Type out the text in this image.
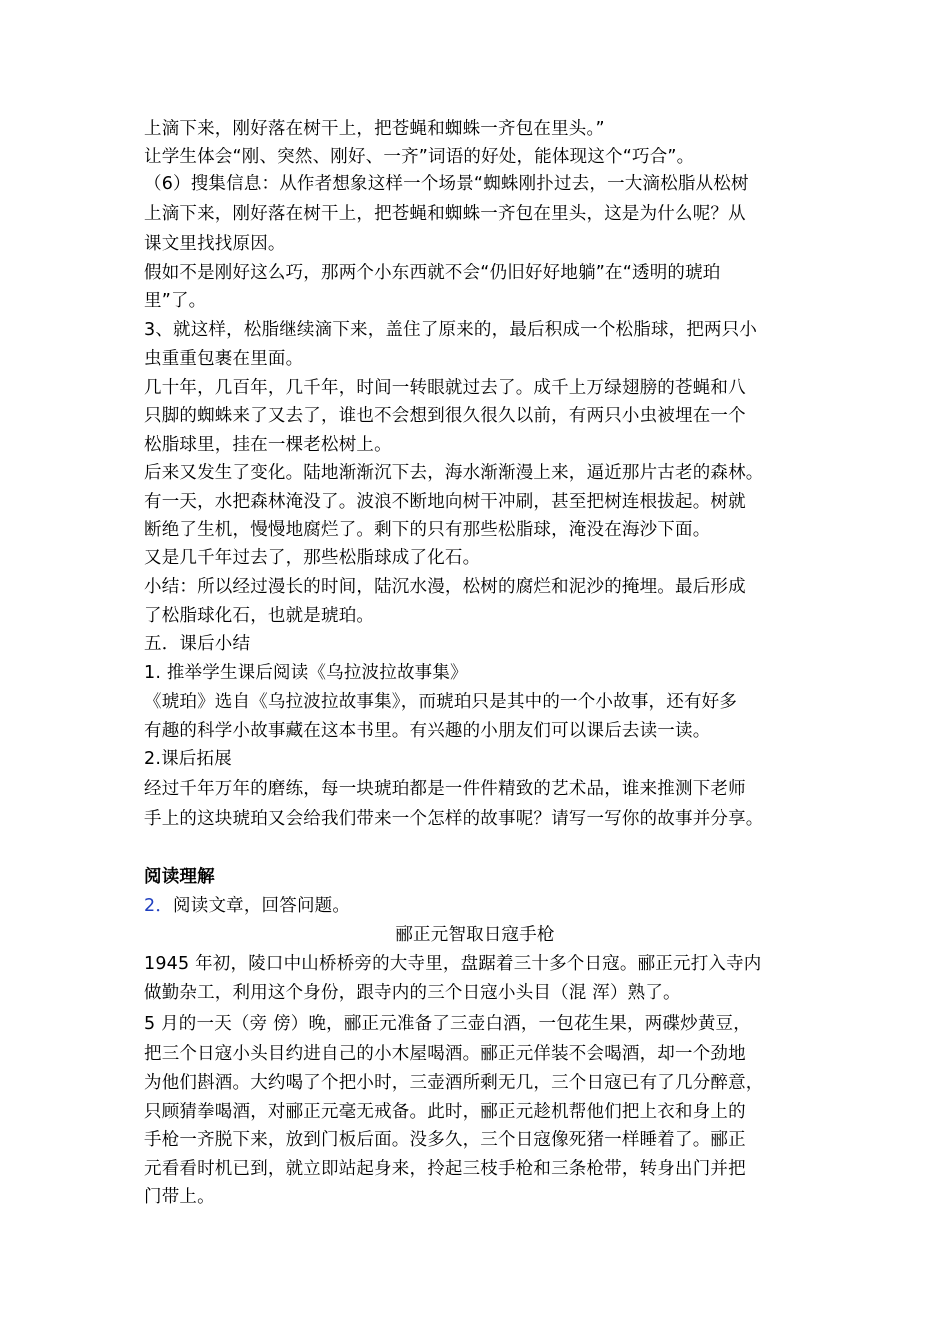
上滴下来，刚好落在树干上，把苍蝇和蜘蛛一齐包在里头。”
让学生体会“刚、突然、刚好、一齐”词语的好处，能体现这个“巧合”。
（6）搜集信息：从作者想象这样一个场景“蜘蛛刚扑过去，一大滴松脂从松树
上滴下来，刚好落在树干上，把苍蝇和蜘蛛一齐包在里头，这是为什么呢？从
课文里找找原因。
假如不是刚好这么巧，那两个小东西就不会“仍旧好好地躺”在“透明的琥珀
里”了。
3、就这样，松脂继续滴下来，盖住了原来的，最后积成一个松脂球，把两只小
虫重重包裹在里面。
几十年，几百年，几千年，时间一转眼就过去了。成千上万绿翅膀的苍蝇和八
只脚的蜘蛛来了又去了，谁也不会想到很久很久以前，有两只小虫被埋在一个
松脂球里，挂在一棵老松树上。
后来又发生了变化。陆地渐渐沉下去，海水渐渐漫上来，逼近那片古老的森林。
有一天，水把森林淹没了。波浪不断地向树干冲刷，甚至把树连根拔起。树就
断绝了生机，慢慢地腐烂了。剩下的只有那些松脂球，淹没在海沙下面。
又是几千年过去了，那些松脂球成了化石。
小结：所以经过漫长的时间，陆沉水漫，松树的腐烂和泥沙的掩埋。最后形成
了松脂球化石，也就是琥珀。
五．课后小结
1. 推举学生课后阅读《乌拉波拉故事集》
《琥珀》选自《乌拉波拉故事集》，而琥珀只是其中的一个小故事，还有好多
有趣的科学小故事藏在这本书里。有兴趣的小朋友们可以课后去读一读。
2.课后拓展
经过千年万年的磨练，每一块琥珀都是一件件精致的艺术品，谁来推测下老师
手上的这块琥珀又会给我们带来一个怎样的故事呢？请写一写你的故事并分享。
阅读理解
2．阅读文章，回答问题。
郦正元智取日寇手枪
1945 年初，陵口中山桥桥旁的大寺里，盘踞着三十多个日寇。郦正元打入寺内
做勤杂工，利用这个身份，跟寺内的三个日寇小头目（混 浑）熟了。
5 月的一天（旁 傍）晚，郦正元准备了三壶白酒，一包花生果，两碟炒黄豆，
把三个日寇小头目约进自己的小木屋喝酒。郦正元佯装不会喝酒，却一个劲地
为他们斟酒。大约喝了个把小时，三壶酒所剩无几，三个日寇已有了几分醉意，
只顾猜拳喝酒，对郦正元毫无戒备。此时，郦正元趁机帮他们把上衣和身上的
手枪一齐脱下来，放到门板后面。没多久，三个日寇像死猪一样睡着了。郦正
元看看时机已到，就立即站起身来，拎起三枝手枪和三条枪带，转身出门并把
门带上。
